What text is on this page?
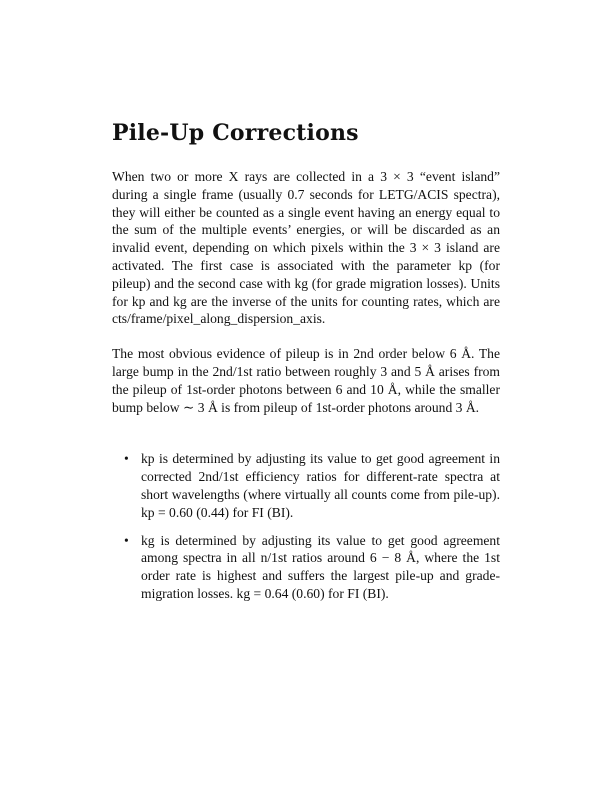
Pile-Up Corrections

When two or more X rays are collected in a 3 × 3 “event island” during a single frame (usually 0.7 seconds for LETG/ACIS spectra), they will either be counted as a single event having an energy equal to the sum of the multiple events’ energies, or will be discarded as an invalid event, depending on which pixels within the 3 × 3 island are activated. The first case is associated with the parameter kp (for pileup) and the second case with kg (for grade migration losses). Units for kp and kg are the inverse of the units for counting rates, which are cts/frame/pixel_along_dispersion_axis.

The most obvious evidence of pileup is in 2nd order below 6 Å. The large bump in the 2nd/1st ratio between roughly 3 and 5 Å arises from the pileup of 1st-order photons between 6 and 10 Å, while the smaller bump below ∼ 3 Å is from pileup of 1st-order photons around 3 Å.

• kp is determined by adjusting its value to get good agreement in corrected 2nd/1st efficiency ratios for different-rate spectra at short wavelengths (where virtually all counts come from pile-up). kp = 0.60 (0.44) for FI (BI).
• kg is determined by adjusting its value to get good agreement among spectra in all n/1st ratios around 6 − 8 Å, where the 1st order rate is highest and suffers the largest pile-up and grade-migration losses. kg = 0.64 (0.60) for FI (BI).
